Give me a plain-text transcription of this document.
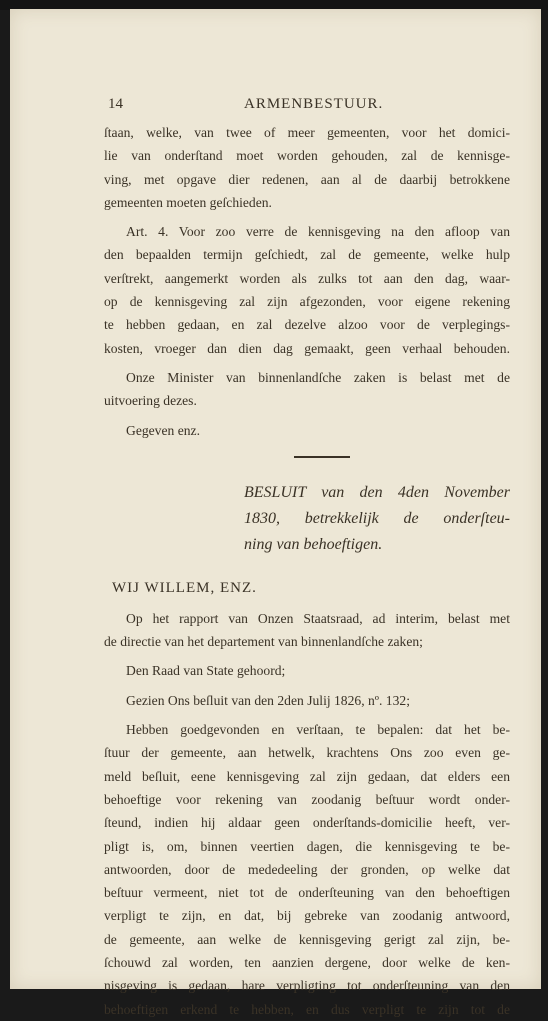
14	ARMENBESTUUR.
ſtaan, welke, van twee of meer gemeenten, voor het domici-
lie van onderſtand moet worden gehouden, zal de kennisge-
ving, met opgave dier redenen, aan al de daarbij betrokkene
gemeenten moeten geſchieden.
Art. 4. Voor zoo verre de kennisgeving na den afloop van
den bepaalden termijn geſchiedt, zal de gemeente, welke hulp
verſtrekt, aangemerkt worden als zulks tot aan den dag, waar-
op de kennisgeving zal zijn afgezonden, voor eigene rekening
te hebben gedaan, en zal dezelve alzoo voor de verplegings-
kosten, vroeger dan dien dag gemaakt, geen verhaal behouden.
Onze Minister van binnenlandſche zaken is belast met de
uitvoering dezes.
Gegeven enz.
BESLUIT van den 4den November
1830, betrekkelijk de onderſteu-
ning van behoeftigen.
WIJ WILLEM, ENZ.
Op het rapport van Onzen Staatsraad, ad interim, belast met
de directie van het departement van binnenlandſche zaken;
Den Raad van State gehoord;
Gezien Ons beſluit van den 2den Julij 1826, nº. 132;
Hebben goedgevonden en verſtaan, te bepalen: dat het be-
ſtuur der gemeente, aan hetwelk, krachtens Ons zoo even ge-
meld beſluit, eene kennisgeving zal zijn gedaan, dat elders een
behoeftige voor rekening van zoodanig beſtuur wordt onder-
ſteund, indien hij aldaar geen onderſtands-domicilie heeft, ver-
pligt is, om, binnen veertien dagen, die kennisgeving te be-
antwoorden, door de mededeeling der gronden, op welke dat
beſtuur vermeent, niet tot de onderſteuning van den behoeftigen
verpligt te zijn, en dat, bij gebreke van zoodanig antwoord,
de gemeente, aan welke de kennisgeving gerigt zal zijn, be-
ſchouwd zal worden, ten aanzien dergene, door welke de ken-
nisgeving is gedaan, hare verpligting tot onderſteuning van den
behoeftigen erkend te hebben, en dus verpligt te zijn tot de
